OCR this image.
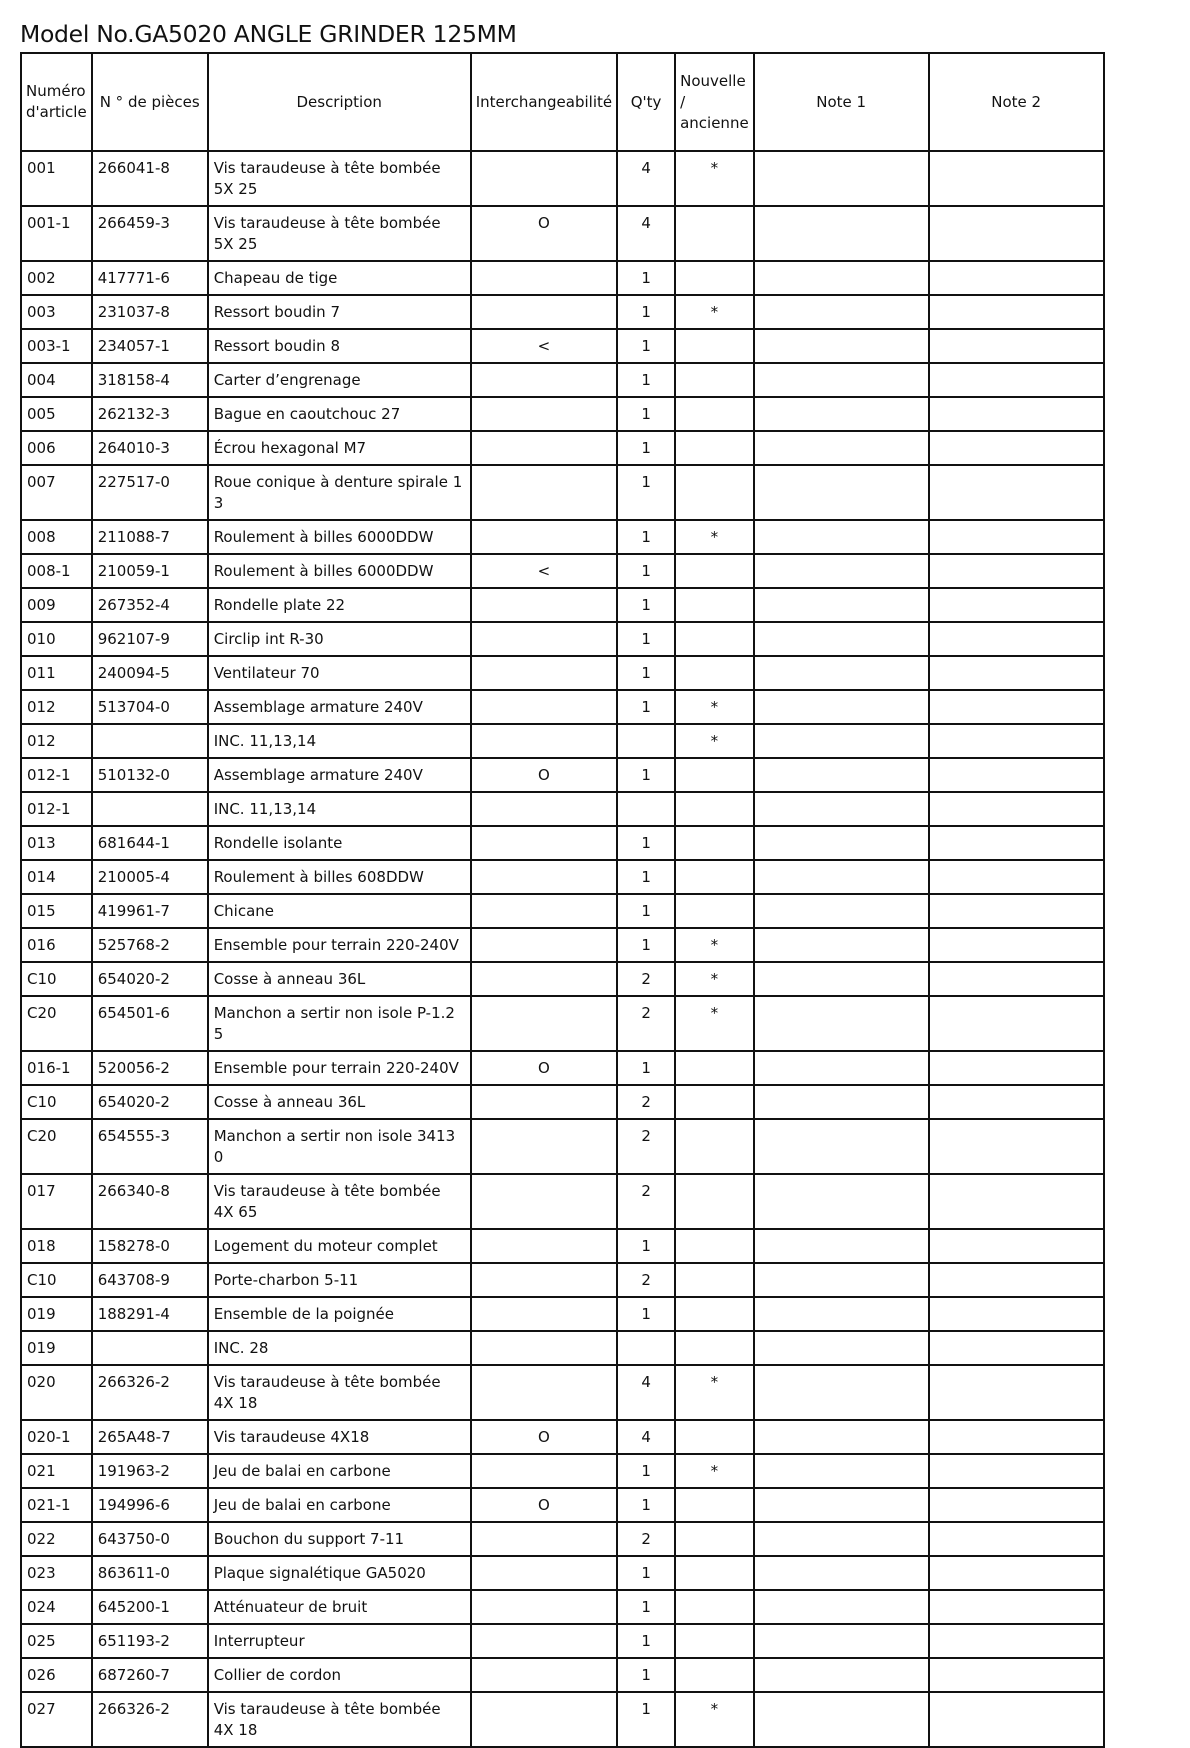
Model No.GA5020 ANGLE GRINDER 125MM
Numéro d'article	N ° de pièces	Description	Interchangeabilité	Q'ty	Nouvelle / ancienne	Note 1	Note 2
001	266041-8	Vis taraudeuse à tête bombée 5X 25		4	*		
001-1	266459-3	Vis taraudeuse à tête bombée 5X 25	O	4			
002	417771-6	Chapeau de tige		1			
003	231037-8	Ressort boudin 7		1	*		
003-1	234057-1	Ressort boudin 8	<	1			
004	318158-4	Carter d’engrenage		1			
005	262132-3	Bague en caoutchouc 27		1			
006	264010-3	Écrou hexagonal M7		1			
007	227517-0	Roue conique à denture spirale 1 3		1			
008	211088-7	Roulement à billes 6000DDW		1	*		
008-1	210059-1	Roulement à billes 6000DDW	<	1			
009	267352-4	Rondelle plate 22		1			
010	962107-9	Circlip int R-30		1			
011	240094-5	Ventilateur 70		1			
012	513704-0	Assemblage armature 240V		1	*		
012		INC. 11,13,14			*		
012-1	510132-0	Assemblage armature 240V	O	1			
012-1		INC. 11,13,14					
013	681644-1	Rondelle isolante		1			
014	210005-4	Roulement à billes 608DDW		1			
015	419961-7	Chicane		1			
016	525768-2	Ensemble pour terrain 220-240V		1	*		
C10	654020-2	Cosse à anneau 36L		2	*		
C20	654501-6	Manchon a sertir non isole P-1.2 5		2	*		
016-1	520056-2	Ensemble pour terrain 220-240V	O	1			
C10	654020-2	Cosse à anneau 36L		2			
C20	654555-3	Manchon a sertir non isole 3413 0		2			
017	266340-8	Vis taraudeuse à tête bombée 4X 65		2			
018	158278-0	Logement du moteur complet		1			
C10	643708-9	Porte-charbon 5-11		2			
019	188291-4	Ensemble de la poignée		1			
019		INC. 28					
020	266326-2	Vis taraudeuse à tête bombée 4X 18		4	*		
020-1	265A48-7	Vis taraudeuse 4X18	O	4			
021	191963-2	Jeu de balai en carbone		1	*		
021-1	194996-6	Jeu de balai en carbone	O	1			
022	643750-0	Bouchon du support 7-11		2			
023	863611-0	Plaque signalétique GA5020		1			
024	645200-1	Atténuateur de bruit		1			
025	651193-2	Interrupteur		1			
026	687260-7	Collier de cordon		1			
027	266326-2	Vis taraudeuse à tête bombée 4X 18		1	*		
